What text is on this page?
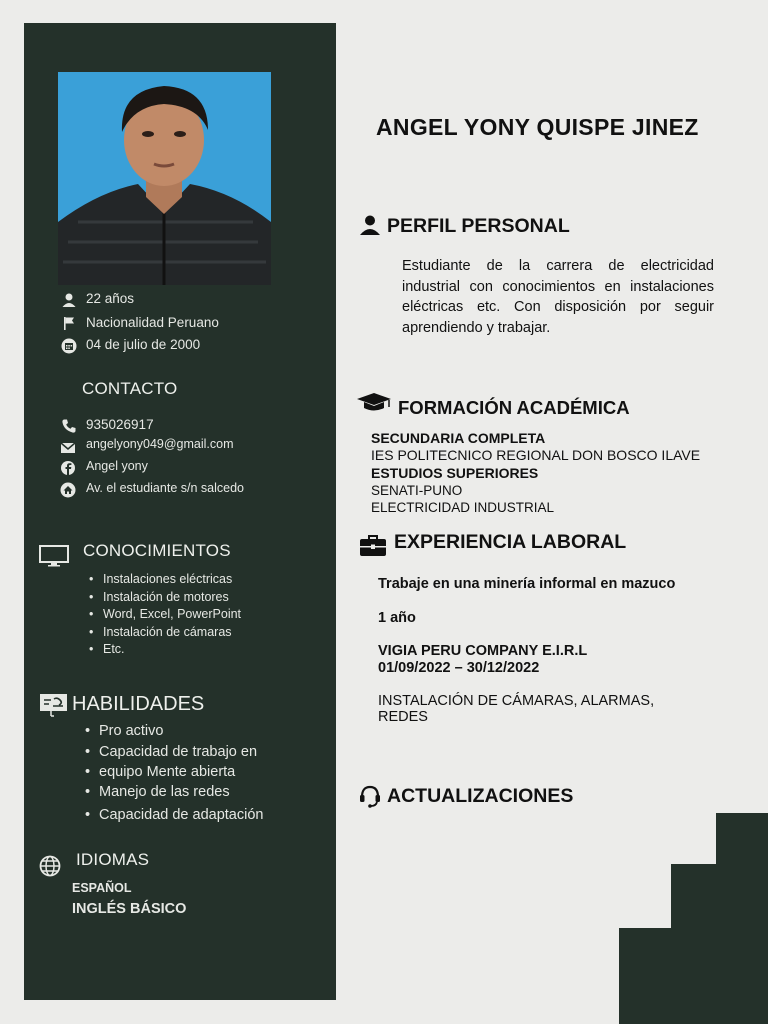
22 años
Nacionalidad Peruano
04 de julio de 2000
CONTACTO
935026917
angelyony049@gmail.com
Angel yony
Av. el estudiante s/n salcedo
CONOCIMIENTOS
• Instalaciones eléctricas
• Instalación de motores
• Word, Excel, PowerPoint
• Instalación de cámaras
• Etc.
HABILIDADES
• Pro activo
• Capacidad de trabajo en
• equipo Mente abierta
• Manejo de las redes
• Capacidad de adaptación
IDIOMAS
ESPAÑOL
INGLÉS BÁSICO
ANGEL YONY QUISPE JINEZ
PERFIL PERSONAL

Estudiante de la carrera de electricidad industrial con conocimientos en instalaciones eléctricas etc. Con disposición por seguir aprendiendo y trabajar.

FORMACIÓN ACADÉMICA
SECUNDARIA COMPLETA
IES POLITECNICO REGIONAL DON BOSCO ILAVE
ESTUDIOS SUPERIORES
SENATI-PUNO
ELECTRICIDAD INDUSTRIAL
EXPERIENCIA LABORAL
Trabaje en una minería informal en mazuco
1 año
VIGIA PERU COMPANY E.I.R.L
01/09/2022 – 30/12/2022
INSTALACIÓN DE CÁMARAS, ALARMAS, REDES
ACTUALIZACIONES
